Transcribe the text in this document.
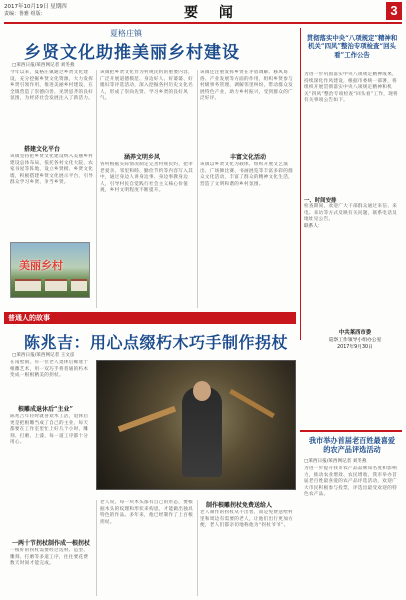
2017年10月19日 星期四
责编：鲁雅 组版：	要 闻	3
夏格庄镇
乡贤文化助推美丽乡村建设
□莱西日报/莱西网记者 刘冬燕
今年以来，夏格庄镇通过乡贤文化建设，充分挖掘乡贤文化资源，大力发挥乡贤引领作用，推进美丽乡村建设，在全镇营造了崇德向善、见贤思齐的良好氛围，为经济社会发展注入了新活力。
搭建文化平台
该镇坚持把乡贤文化建设纳入美丽乡村建设总体布局，依托各村文化大院、农家书屋等阵地，设立乡贤榜、乡贤文化墙，积极搭建乡贤文化展示平台，引导群众学习乡贤、争当乡贤。
美丽乡村
该镇把乡贤文化作为村规民约的重要内容，广泛开展道德模范、身边好人、好婆婆、好媳妇等评选活动，深入挖掘各村历史文化名人，形成了崇尚先贤、学习乡贤的良好风气。
涵养文明乡风
各村根据实际情况制定完善村规民约，把孝老爱亲、邻里和睦、勤俭节约等内容写入其中，通过身边人讲身边事、身边事教身边人，引导村民自觉践行社会主义核心价值观，乡村文明程度不断提升。
该镇还注重发挥乡贤在矛盾调解、移风易俗、产业发展等方面的作用，组织乡贤参与村级事务管理，调解邻里纠纷，带动群众发展特色产业，助力乡村振兴，受到群众的广泛好评。
丰富文化活动
该镇以乡贤文化为载体，组织开展文艺演出、广场舞比赛、书画展览等丰富多彩的群众文化活动，丰富了群众的精神文化生活，营造了文明和谐的乡村氛围。
贯彻落实中央“八项规定”精神和机关“四风”整治专项检查“回头看”工作公告
为进一步巩固落实中央八项规定精神成果，持续深化作风建设，根据市委统一部署，将组织开展贯彻落实中央八项规定精神和机关“四风”整治专项检查“回头看”工作，现将有关事项公告如下。
一、时间安排
检查期间，欢迎广大干部群众通过来信、来电、来访等方式反映有关问题，联系电话及地址见公告。
联系人：
中共莱西市委
巡察工作领导小组办公室
2017年9月30日
普通人的故事
陈兆吉：用心点缀朽木巧手制作拐杖
□莱西日报/莱西网记者 王文彦
在南墅镇，有一位老人退休后痴迷于根雕艺术，用一双巧手将普通的朽木变成一根根精美的拐杖。
根雕成退休后“主业”
陈兆吉年轻时就喜欢木工活，退休后更是把根雕当成了自己的主业，每天都要在工作室里忙上好几个小时，雕刻、打磨、上漆，每一道工序都十分用心。
一两十节拐杖制作成一根拐杖
一根好的拐杖需要经过选材、造型、雕刻、打磨等多道工序，往往要花费数天时间才能完成。
老人说，每一块木头都有自己的形态，要根据木头的纹理和形状来构思，才能做出独具特色的作品。多年来，他已经制作了上百根拐杖。
制作根雕拐杖免费送给人
老人制作的拐杖从不出售，而是免费送给村里和周边有需要的老人，让他们出行更加方便，老人们都亲切地称他为“拐杖爷爷”。
我市举办首届老百姓最喜爱的农产品评选活动
□莱西日报/莱西网记者 刘冬燕
为进一步提升我市农产品品牌知名度和影响力，推动农业增效、农民增收，我市举办首届老百姓最喜爱的农产品评选活动，欢迎广大市民积极参与投票，评选出最受欢迎的特色农产品。
